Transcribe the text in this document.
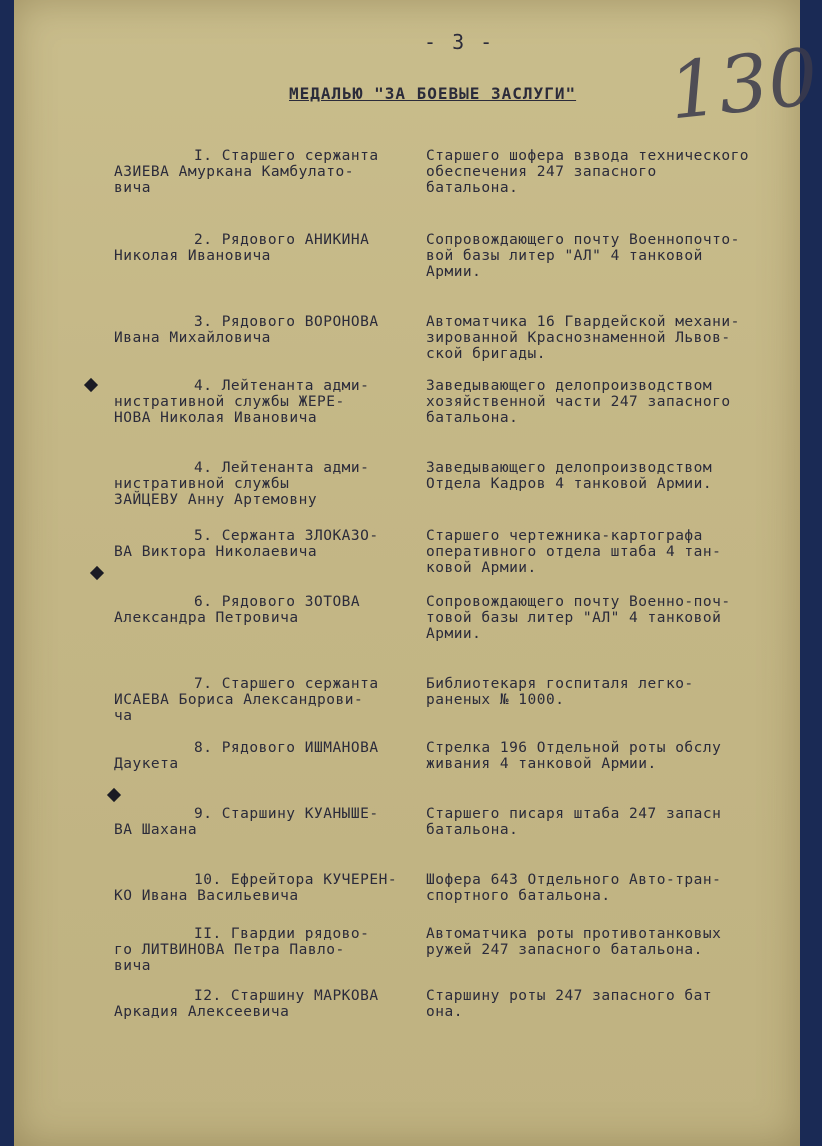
- 3 -
МЕДАЛЬЮ "ЗА БОЕВЫЕ ЗАСЛУГИ" 130
I. Старшего сержанта
АЗИЕВА Амуркана Камбулато-
вича
Старшего шофера взвода технического
обеспечения 247 запасного
батальона.
2. Рядового АНИКИНА
Николая Ивановича
Сопровождающего почту Военнопочто-
вой базы литер "АЛ" 4 танковой
Армии.
3. Рядового ВОРОНОВА
Ивана Михайловича
Автоматчика 16 Гвардейской механи-
зированной Краснознаменной Львов-
ской бригады.
4. Лейтенанта адми-
нистративной службы ЖЕРЕ-
НОВА Николая Ивановича
Заведывающего делопроизводством
хозяйственной части 247 запасного
батальона.
4. Лейтенанта адми-
нистративной службы
ЗАЙЦЕВУ Анну Артемовну
Заведывающего делопроизводством
Отдела Кадров 4 танковой Армии.
5. Сержанта ЗЛОКАЗО-
ВА Виктора Николаевича
Старшего чертежника-картографа
оперативного отдела штаба 4 тан-
ковой Армии.
6. Рядового ЗОТОВА
Александра Петровича
Сопровождающего почту Военно-поч-
товой базы литер "АЛ" 4 танковой
Армии.
7. Старшего сержанта
ИСАЕВА Бориса Александрови-
ча
Библиотекаря госпиталя легко-
раненых № 1000.
8. Рядового ИШМАНОВА
Даукета
Стрелка 196 Отдельной роты обслу
живания 4 танковой Армии.
9. Старшину КУАНЫШЕ-
ВА Шахана
Старшего писаря штаба 247 запасн
батальона.
10. Ефрейтора КУЧЕРЕН-
КО Ивана Васильевича
Шофера 643 Отдельного Авто-тран-
спортного батальона.
II. Гвардии рядово-
го ЛИТВИНОВА Петра Павло-
вича
Автоматчика роты противотанковых
ружей 247 запасного батальона.
I2. Старшину МАРКОВА
Аркадия Алексеевича
Старшину роты 247 запасного бат
она.
